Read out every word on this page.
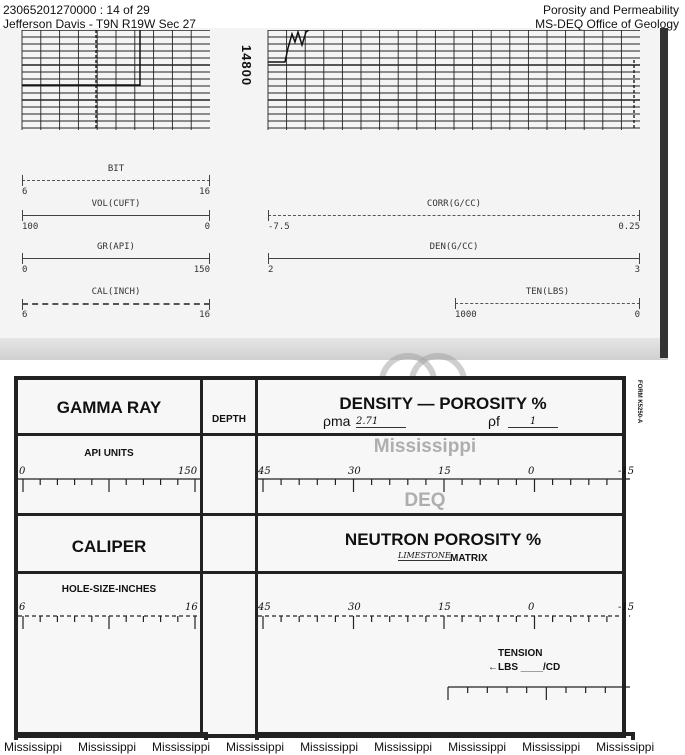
23065201270000 : 14 of 29
Jefferson Davis - T9N R19W Sec 27
Porosity and Permeability
MS-DEQ Office of Geology
14800
BIT
6	16
VOL(CUFT)
100	0
GR(API)
0	150
CAL(INCH)
6	16
CORR(G/CC)
-7.5	0.25
DEN(G/CC)
2	3
TEN(LBS)
1000	0
GAMMA RAY
DEPTH
DENSITY — POROSITY %
ρma 2.71	ρf	1
API UNITS
0	150	45	30	15	0	-15
CALIPER	NEUTRON POROSITY %
LIMESTONE MATRIX
HOLE-SIZE-INCHES
6	16	45	30	15	0	-15
TENSION
←LBS ____/CD
Mississippi
DEQ
FORM K5250-A
Mississippi Mississippi Mississippi Mississippi Mississippi Mississippi Mississippi Mississippi Mississippi
